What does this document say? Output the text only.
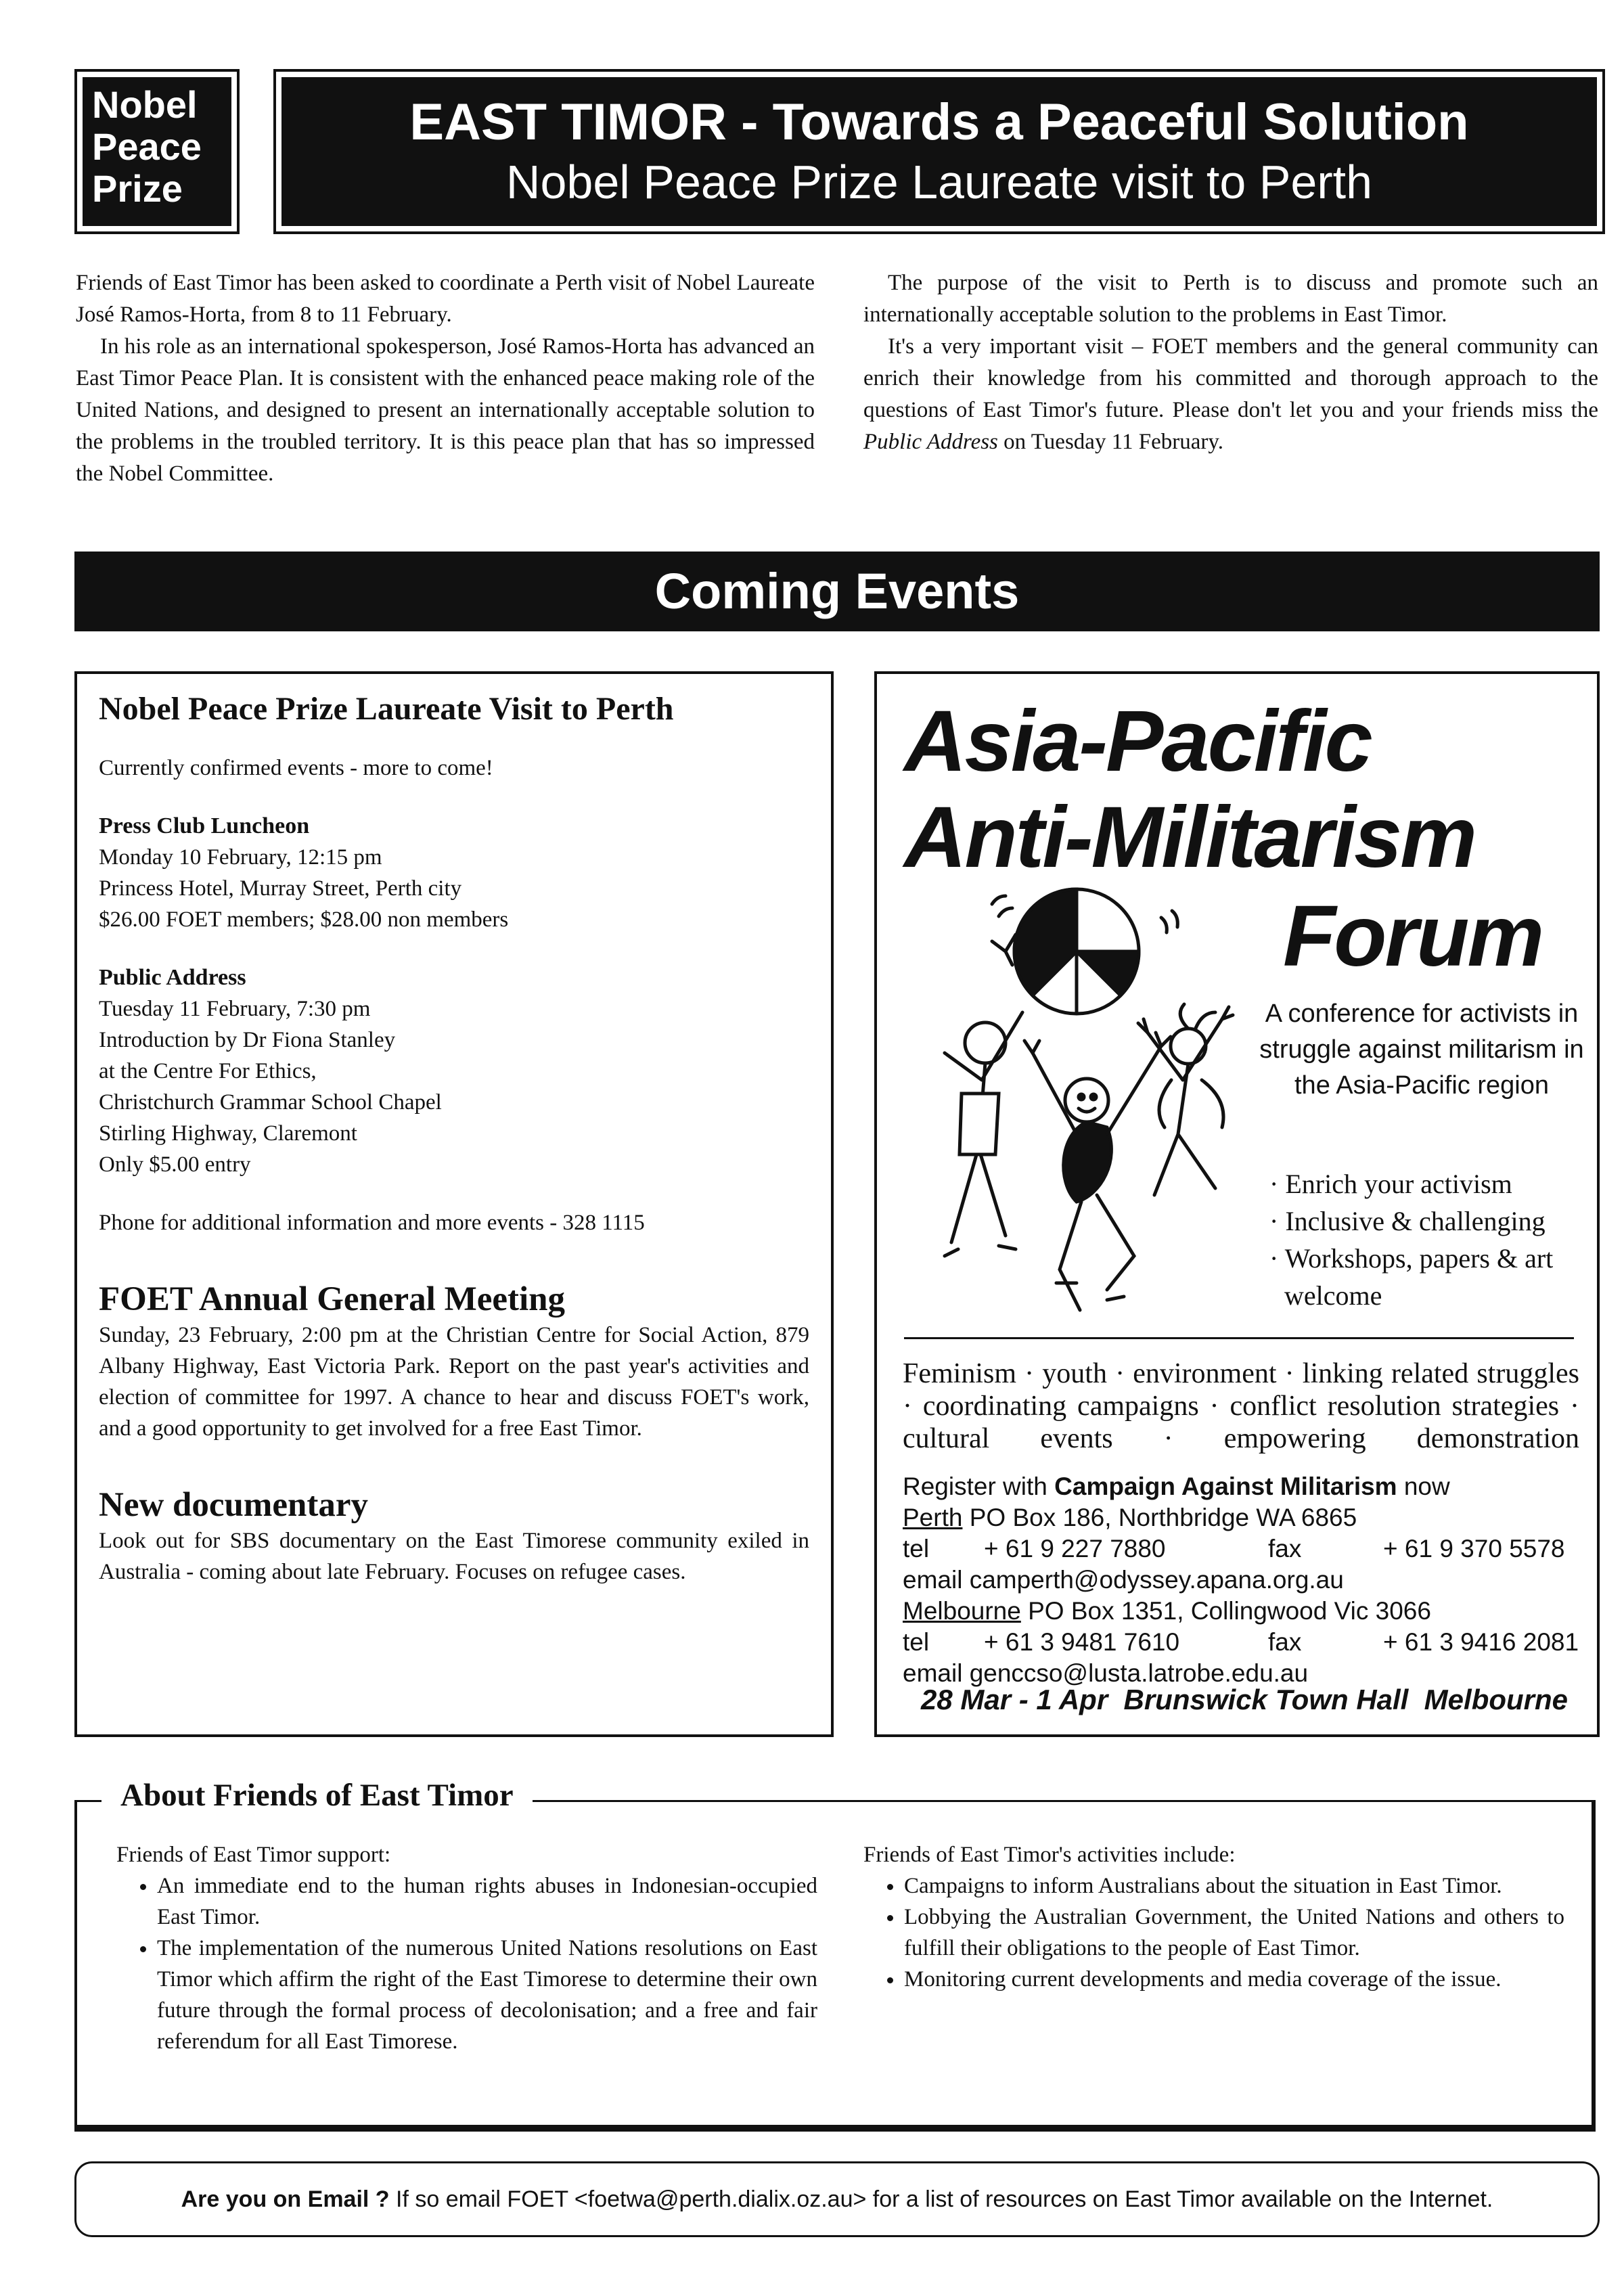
Nobel
Peace
Prize
EAST TIMOR - Towards a Peaceful Solution
Nobel Peace Prize Laureate visit to Perth

Friends of East Timor has been asked to coordinate a Perth visit of Nobel Laureate José Ramos-Horta, from 8 to 11 February.

In his role as an international spokesperson, José Ramos-Horta has advanced an East Timor Peace Plan. It is consistent with the enhanced peace making role of the United Nations, and designed to present an internationally acceptable solution to the problems in the troubled territory. It is this peace plan that has so impressed the Nobel Committee.

The purpose of the visit to Perth is to discuss and promote such an internationally acceptable solution to the problems in East Timor.

It's a very important visit – FOET members and the general community can enrich their knowledge from his committed and thorough approach to the questions of East Timor's future. Please don't let you and your friends miss the Public Address on Tuesday 11 February.

Coming Events
Nobel Peace Prize Laureate Visit to Perth
Currently confirmed events - more to come!
Press Club Luncheon
Monday 10 February, 12:15 pm
Princess Hotel, Murray Street, Perth city
$26.00 FOET members; $28.00 non members
Public Address
Tuesday 11 February, 7:30 pm
Introduction by Dr Fiona Stanley
at the Centre For Ethics,
Christchurch Grammar School Chapel
Stirling Highway, Claremont
Only $5.00 entry
Phone for additional information and more events - 328 1115
FOET Annual General Meeting
Sunday, 23 February, 2:00 pm at the Christian Centre for Social Action, 879 Albany Highway, East Victoria Park. Report on the past year's activities and election of committee for 1997. A chance to hear and discuss FOET's work, and a good opportunity to get involved for a free East Timor.
New documentary
Look out for SBS documentary on the East Timorese community exiled in Australia - coming about late February. Focuses on refugee cases.
Asia-Pacific
Anti-Militarism
Forum
A conference for activists in struggle against militarism in the Asia-Pacific region
· Enrich your activism
· Inclusive & challenging
· Workshops, papers & art welcome
Feminism · youth · environment · linking related struggles · coordinating campaigns · conflict resolution strategies · cultural events · empowering demonstration
Register with Campaign Against Militarism now
Perth PO Box 186, Northbridge WA 6865
tel	+ 61 9 227 7880	fax	+ 61 9 370 5578
email camperth@odyssey.apana.org.au
Melbourne PO Box 1351, Collingwood Vic 3066
tel	+ 61 3 9481 7610	fax	+ 61 3 9416 2081
email genccso@lusta.latrobe.edu.au
28 Mar - 1 Apr  Brunswick Town Hall  Melbourne
About Friends of East Timor
Friends of East Timor support:
• An immediate end to the human rights abuses in Indonesian-occupied East Timor.
• The implementation of the numerous United Nations resolutions on East Timor which affirm the right of the East Timorese to determine their own future through the formal process of decolonisation; and a free and fair referendum for all East Timorese.
Friends of East Timor's activities include:
• Campaigns to inform Australians about the situation in East Timor.
• Lobbying the Australian Government, the United Nations and others to fulfill their obligations to the people of East Timor.
• Monitoring current developments and media coverage of the issue.
Are you on Email ? If so email FOET <foetwa@perth.dialix.oz.au> for a list of resources on East Timor available on the Internet.
